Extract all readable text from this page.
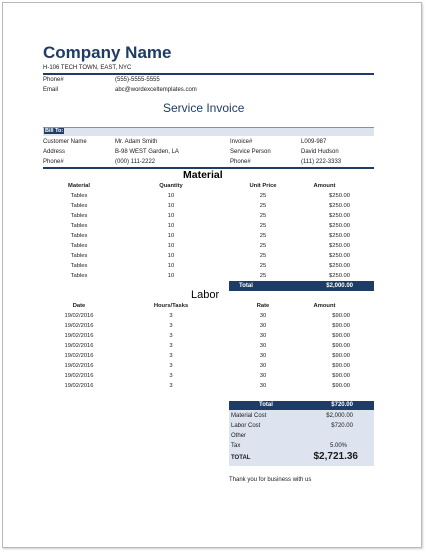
Company Name
H-106 TECH TOWN, EAST, NYC
Phone#	(555)-5555-5555
Email	abc@wordexceltemplates.com
Service Invoice
Bill To:
Customer Name	Mr. Adam Smith
Address	B-98 WEST Garden, LA
Phone#	(000) 111-2222
Invoice#	L009-987
Service Person	David Hudson
Phone#	(111) 222-3333
Material
Material	Quantity	Unit Price	Amount
Tables	10	25	$250.00
Tables	10	25	$250.00
Tables	10	25	$250.00
Tables	10	25	$250.00
Tables	10	25	$250.00
Tables	10	25	$250.00
Tables	10	25	$250.00
Tables	10	25	$250.00
Tables	10	25	$250.00
Total	$2,000.00
Labor
Date	Hours/Tasks	Rate	Amount
19/02/2016	3	30	$90.00
19/02/2016	3	30	$90.00
19/02/2016	3	30	$90.00
19/02/2016	3	30	$90.00
19/02/2016	3	30	$90.00
19/02/2016	3	30	$90.00
19/02/2016	3	30	$90.00
19/02/2016	3	30	$90.00
Total	$720.00
Material Cost	$2,000.00
Labor Cost	$720.00
Other
Tax	5.00%
TOTAL	$2,721.36
Thank you for business with us
